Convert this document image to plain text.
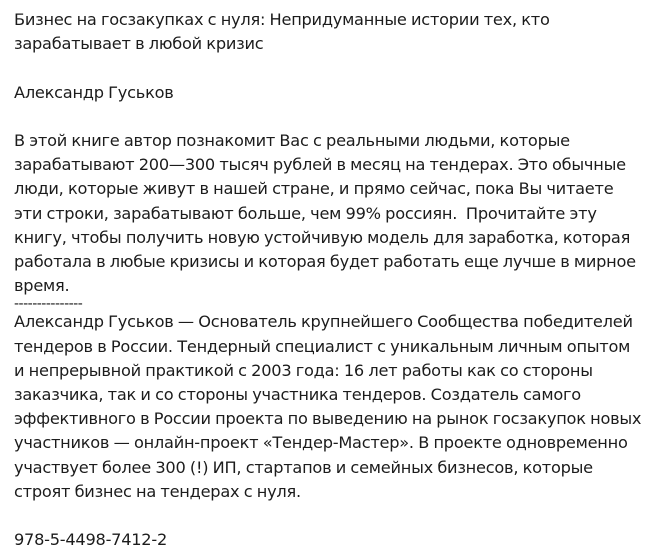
Бизнес на госзакупках с нуля: Непридуманные истории тех, кто зарабатывает в любой кризис

Александр Гуськов

В этой книге автор познакомит Вас с реальными людьми, которые зарабатывают 200—300 тысяч рублей в месяц на тендерах. Это обычные люди, которые живут в нашей стране, и прямо сейчас, пока Вы читаете эти строки, зарабатывают больше, чем 99% россиян.  Прочитайте эту книгу, чтобы получить новую устойчивую модель для заработка, которая работала в любые кризисы и которая будет работать еще лучше в мирное время.

---------------

Александр Гуськов — Основатель крупнейшего Сообщества победителей тендеров в России. Тендерный специалист с уникальным личным опытом и непрерывной практикой с 2003 года: 16 лет работы как со стороны заказчика, так и со стороны участника тендеров. Создатель самого эффективного в России проекта по выведению на рынок госзакупок новых участников — онлайн-проект «Тендер-Мастер». В проекте одновременно участвует более 300 (!) ИП, стартапов и семейных бизнесов, которые строят бизнес на тендерах с нуля.

978-5-4498-7412-2
